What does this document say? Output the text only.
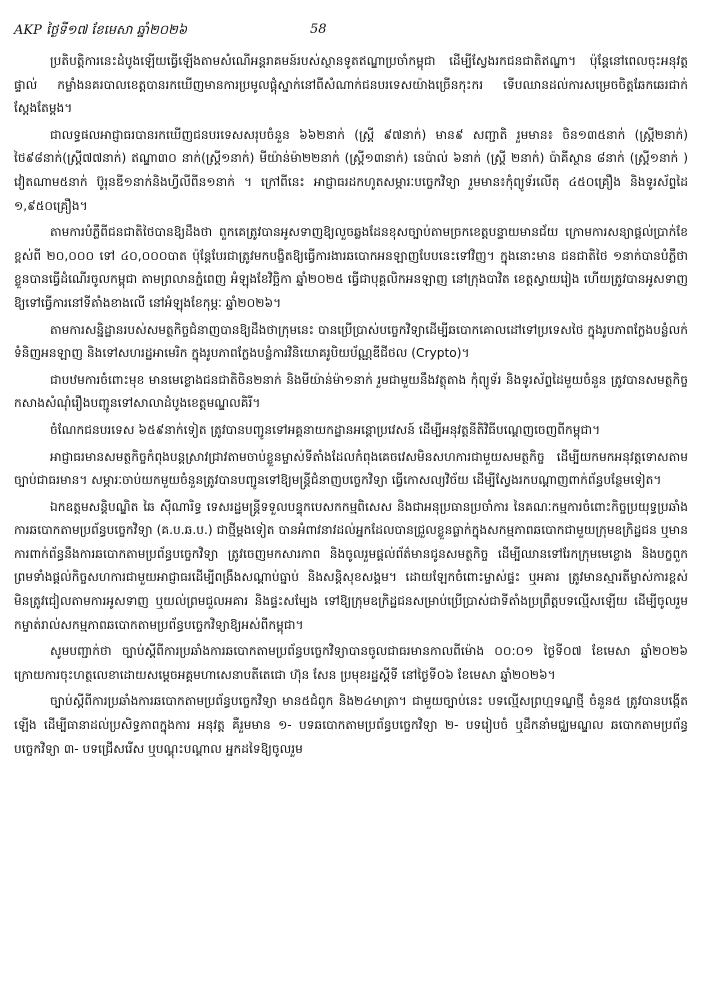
AKP ថ្ងៃទី១៧ ខែមេសា ឆ្នាំ២០២៦	58

ប្រតិបត្តិការនេះដំបូងឡើយធ្វើឡើងតាមសំណើអន្តរាគមន៍របស់ស្ថានទូតឥណ្ឌាប្រចាំកម្ពុជា ដើម្បីស្វែងរកជនជាតិឥណ្ឌា។ ប៉ុន្តែនៅពេលចុះអនុវត្តផ្ទាល់ កម្លាំងនគរបាលខេត្តបានរកឃើញមានការប្រមូលផ្តុំស្នាក់នៅពីសំណាក់ជនបរទេសយ៉ាងច្រើនកុះករ ទើបឈានដល់ការសម្រេចចិត្តឆែកឆេរជាក់ស្តែងតែម្តង។

ជាលទ្ធផលអាជ្ញាធរបានរកឃើញជនបរទេសសរុបចំនួន ៦៦២នាក់ (ស្ត្រី ៩៧នាក់) មាន៩ សញ្ជាតិ រួមមាន៖ ចិន១៣៥នាក់ (ស្ត្រី២នាក់) ថៃ៩៨នាក់(ស្ត្រី៧៧នាក់) ឥណ្ឌា៣០ នាក់(ស្ត្រី១នាក់) មីយ៉ាន់ម៉ា២២នាក់ (ស្ត្រី១៣នាក់) នេប៉ាល់ ៦នាក់ (ស្ត្រី ២នាក់) ប៉ាគីស្ថាន ៨នាក់ (ស្ត្រី១នាក់ ) វៀតណាម៥នាក់ ប៊ូរុនឌី១នាក់និងហ្វីលីពីន១នាក់ ។ ក្រៅពីនេះ អាជ្ញាធរដកហូតសម្ភារៈបច្ចេកវិទ្យា រួមមាន៖កុំព្យូទ័រលើតុ ៤៥០គ្រឿង និងទូរស័ព្ទដៃ ១,៩៥០គ្រឿង។

តាមការបំភ្លឺពីជនជាតិថៃបានឱ្យដឹងថា ពួកគេត្រូវបានអូសទាញឱ្យលួចឆ្លងដែនខុសច្បាប់តាមច្រកខេត្តបន្ទាយមានជ័យ ក្រោមការសន្យាផ្តល់ប្រាក់ខែខ្ពស់ពី ២០,០០០ ទៅ ៤០,០០០បាត ប៉ុន្តែបែរជាត្រូវមកបង្ខិតឱ្យធ្វើការងារឆបោកអនឡាញបែបនេះទៅវិញ។ ក្នុងនោះមាន ជនជាតិថៃ ១នាក់បានបំភ្លឺថាខ្លួនបានធ្វើដំណើរចូលកម្ពុជា តាមព្រលានភ្នំពេញ អំឡុងខែវិច្ឆិកា ឆ្នាំ២០២៥ ធ្វើជាបុគ្គលិកអនឡាញ នៅក្រុងបាវិត ខេត្តស្វាយរៀង ហើយត្រូវបានអូសទាញឱ្យទៅធ្វើការនៅទីតាំងខាងលើ នៅអំឡុងខែកុម្ភៈ ឆ្នាំ២០២៦។

តាមការសន្និដ្ឋានរបស់សមត្ថកិច្ចជំនាញបានឱ្យដឹងថាក្រុមនេះ បានប្រើប្រាស់បច្ចេកវិទ្យាដើម្បីឆបោកគោលដៅទៅប្រទេសថៃ ក្នុងរូបភាពក្លែងបន្លំលក់ទំនិញអនឡាញ និងទៅសហរដ្ឋអាមេរិក ក្នុងរូបភាពក្លែងបន្លំការវិនិយោគរូបិយប័ណ្ណឌីជីថល (Crypto)។

ជាបឋមការចំពោះមុខ មានមេខ្លោងជនជាតិចិន២នាក់ និងមីយ៉ាន់ម៉ា១នាក់ រួមជាមួយនឹងវត្ថុតាង កុំព្យូទ័រ និងទូរស័ព្ទដៃមួយចំនួន ត្រូវបានសមត្ថកិច្ចកសាងសំណុំរឿងបញ្ជូនទៅសាលាដំបូងខេត្តមណ្ឌលគិរី។

ចំណែកជនបរទេស ៦៥៩នាក់ទៀត ត្រូវបានបញ្ជូនទៅអគ្គនាយកដ្ឋានអន្តោប្រវេសន៍ ដើម្បីអនុវត្តនីតិវិធីបណ្តេញចេញពីកម្ពុជា។

អាជ្ញាធរមានសមត្ថកិច្ចកំពុងបន្តស្រាវជ្រាវតាមចាប់ខ្លួនម្ចាស់ទីតាំងដែលកំពុងគេចវេសមិនសហការជាមួយសមត្ថកិច្ច ដើម្បីយកមកអនុវត្តទោសតាមច្បាប់ជាធរមាន។ សម្ភារៈចាប់យកមួយចំនួនត្រូវបានបញ្ជូនទៅឱ្យមន្ត្រីជំនាញបច្ចេកវិទ្យា ធ្វើកោសល្យវិច័យ ដើម្បីស្វែងរកបណ្តាញពាក់ព័ន្ធបន្ថែមទៀត។

ឯកឧត្តមសន្តិបណ្ឌិត ឆៃ ស៊ីណារិទ្ធ ទេសរដ្ឋមន្ត្រីទទួលបន្ទុកបេសកកម្មពិសេស និងជាអនុប្រធានប្រចាំការ នៃគណៈកម្មការចំពោះកិច្ចប្រយុទ្ធប្រឆាំង ការឆបោកតាមប្រព័ន្ធបច្ចេកវិទ្យា (គ.ប.ឆ.ប.) ជាថ្មីម្តងទៀត បានអំពាវនាវដល់អ្នកដែលបានជ្រួលខ្លួនធ្លាក់ក្នុងសកម្មភាពឆបោកជាមួយក្រុមឧក្រិដ្ឋជន ឬមានការពាក់ព័ន្ធនឹងការឆបោកតាមប្រព័ន្ធបច្ចេកវិទ្យា ត្រូវចេញមកសារភាព និងចូលរួមផ្តល់ព័ត៌មានជូនសមត្ថកិច្ច ដើម្បីឈានទៅរែកក្រុមមេខ្លោង និងបក្ខពួក ព្រមទាំងផ្តល់កិច្ចសហការជាមួយអាជ្ញាធរដើម្បីពង្រឹងសណ្តាប់ធ្នាប់ និងសន្តិសុខសង្គម។ ដោយឡែកចំពោះម្ចាស់ផ្ទះ ឬអគារ ត្រូវមានស្មារតីម្ចាស់ការខ្ពស់ មិនត្រូវជៀលតាមការអូសទាញ ឬយល់ព្រមជួលអគារ និងផ្ទះសម្បែង ទៅឱ្យក្រុមឧក្រិដ្ឋជនសម្រាប់ប្រើប្រាស់ជាទីតាំងប្រព្រឹត្តបទល្មើសឡើយ ដើម្បីចូលរួមកម្ចាត់រាល់សកម្មភាពឆបោកតាមប្រព័ន្ធបច្ចេកវិទ្យាឱ្យអស់ពីកម្ពុជា។

សូមបញ្ជាក់ថា ច្បាប់ស្តីពីការប្រឆាំងការឆបោកតាមប្រព័ន្ធបច្ចេកវិទ្យាបានចូលជាធរមានកាលពីម៉ោង ០០:០១ ថ្ងៃទី០៧ ខែមេសា ឆ្នាំ២០២៦ ក្រោយការចុះហត្ថលេខាដោយសម្តេចអគ្គមហាសេនាបតីតេជោ ហ៊ុន សែន ប្រមុខរដ្ឋស្តីទី នៅថ្ងៃទី០៦ ខែមេសា ឆ្នាំ២០២៦។

ច្បាប់ស្តីពីការប្រឆាំងការឆបោកតាមប្រព័ន្ធបច្ចេកវិទ្យា មាន៥ជំពូក និង២៤មាត្រា។ ជាមួយច្បាប់នេះ បទល្មើសព្រហ្មទណ្ឌថ្មី ចំនួន៥ ត្រូវបានបង្កើតឡើង ដើម្បីធានាដល់ប្រសិទ្ធភាពក្នុងការ អនុវត្ត គឺរួមមាន ១- បទឆបោកតាមប្រព័ន្ធបច្ចេកវិទ្យា ២- បទរៀបចំ ឬដឹកនាំមជ្ឈមណ្ឌល ឆបោកតាមប្រព័ន្ធបច្ចេកវិទ្យា ៣- បទជ្រើសរើស ឬបណ្តុះបណ្តាល អ្នកដទៃឱ្យចូលរួម
